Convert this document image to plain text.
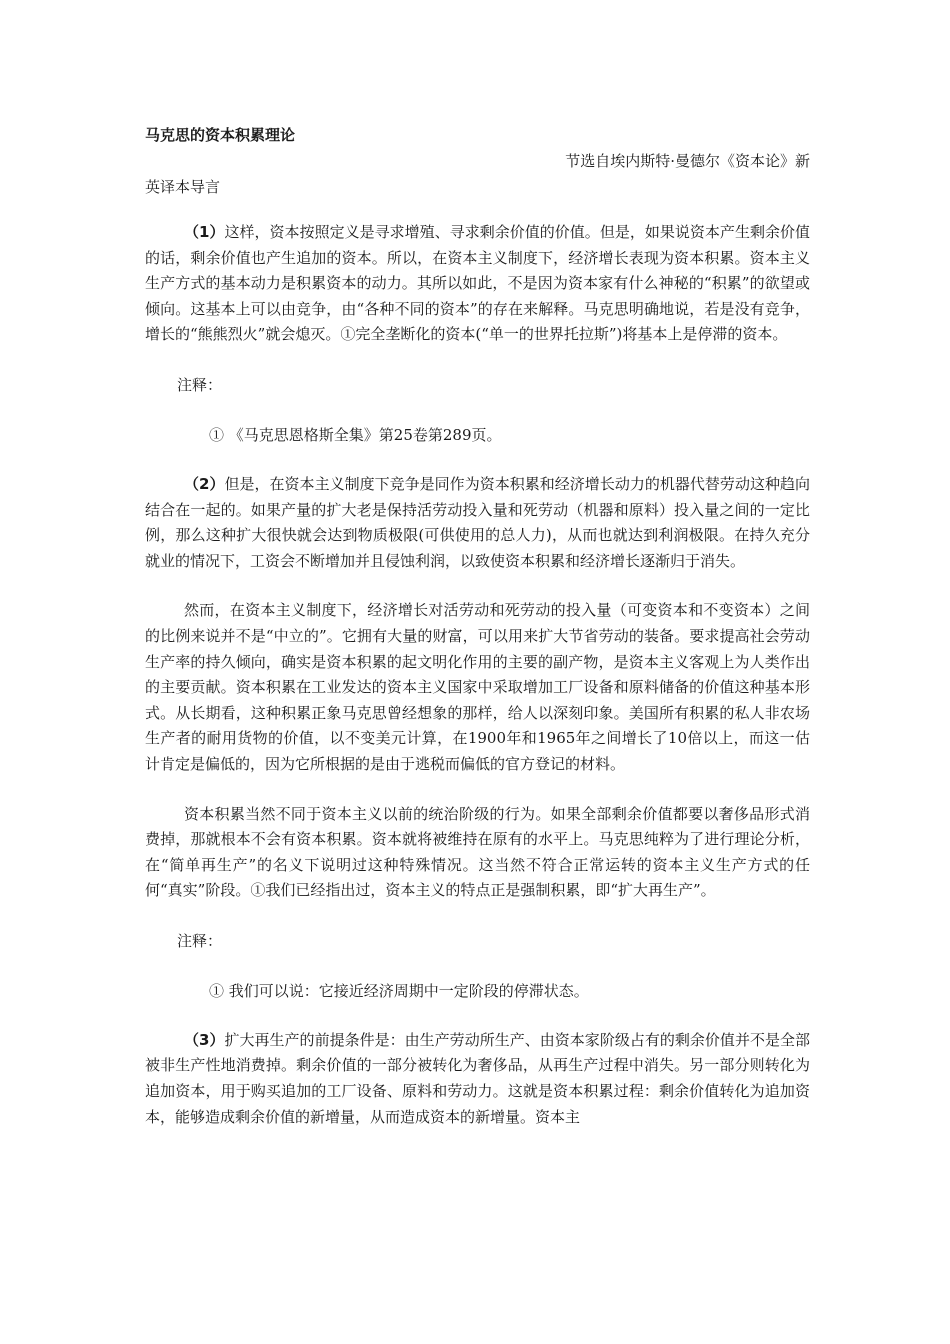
马克思的资本积累理论

节选自埃内斯特·曼德尔《资本论》新

英译本导言

（1）这样，资本按照定义是寻求增殖、寻求剩余价值的价值。但是，如果说资本产生剩余价值的话，剩余价值也产生追加的资本。所以，在资本主义制度下，经济增长表现为资本积累。资本主义生产方式的基本动力是积累资本的动力。其所以如此，不是因为资本家有什么神秘的“积累”的欲望或倾向。这基本上可以由竞争，由“各种不同的资本”的存在来解释。马克思明确地说，若是没有竞争，增长的“熊熊烈火”就会熄灭。①完全垄断化的资本(“单一的世界托拉斯”)将基本上是停滞的资本。

注释：

① 《马克思恩格斯全集》第25卷第289页。

（2）但是，在资本主义制度下竞争是同作为资本积累和经济增长动力的机器代替劳动这种趋向结合在一起的。如果产量的扩大老是保持活劳动投入量和死劳动（机器和原料）投入量之间的一定比例，那么这种扩大很快就会达到物质极限(可供使用的总人力)，从而也就达到利润极限。在持久充分就业的情况下，工资会不断增加并且侵蚀利润，以致使资本积累和经济增长逐渐归于消失。

然而，在资本主义制度下，经济增长对活劳动和死劳动的投入量（可变资本和不变资本）之间的比例来说并不是“中立的”。它拥有大量的财富，可以用来扩大节省劳动的装备。要求提高社会劳动生产率的持久倾向，确实是资本积累的起文明化作用的主要的副产物，是资本主义客观上为人类作出的主要贡献。资本积累在工业发达的资本主义国家中采取增加工厂设备和原料储备的价值这种基本形式。从长期看，这种积累正象马克思曾经想象的那样，给人以深刻印象。美国所有积累的私人非农场生产者的耐用货物的价值，以不变美元计算，在1900年和1965年之间增长了10倍以上，而这一估计肯定是偏低的，因为它所根据的是由于逃税而偏低的官方登记的材料。

资本积累当然不同于资本主义以前的统治阶级的行为。如果全部剩余价值都要以奢侈品形式消费掉，那就根本不会有资本积累。资本就将被维持在原有的水平上。马克思纯粹为了进行理论分析，在“简单再生产”的名义下说明过这种特殊情况。这当然不符合正常运转的资本主义生产方式的任何“真实”阶段。①我们已经指出过，资本主义的特点正是强制积累，即“扩大再生产”。

注释：

① 我们可以说：它接近经济周期中一定阶段的停滞状态。

（3）扩大再生产的前提条件是：由生产劳动所生产、由资本家阶级占有的剩余价值并不是全部被非生产性地消费掉。剩余价值的一部分被转化为奢侈品，从再生产过程中消失。另一部分则转化为追加资本，用于购买追加的工厂设备、原料和劳动力。这就是资本积累过程：剩余价值转化为追加资本，能够造成剩余价值的新增量，从而造成资本的新增量。资本主
